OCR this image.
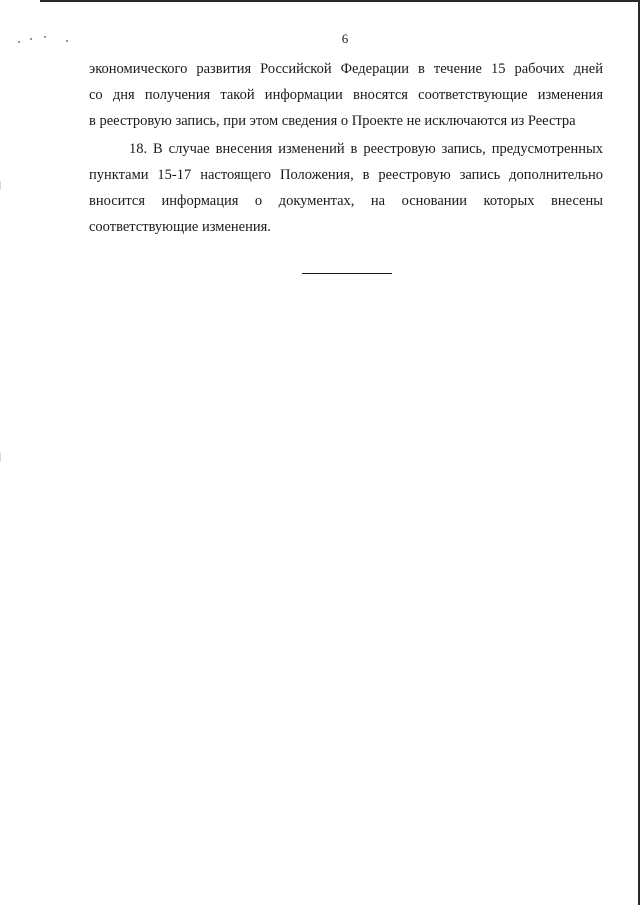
6
экономического развития Российской Федерации в течение 15 рабочих дней
со дня получения такой информации вносятся соответствующие изменения
в реестровую запись, при этом сведения о Проекте не исключаются из Реестра
18. В случае внесения изменений в реестровую запись, предусмотренных
пунктами 15-17 настоящего Положения, в реестровую запись дополнительно
вносится информация о документах, на основании которых внесены
соответствующие изменения.
